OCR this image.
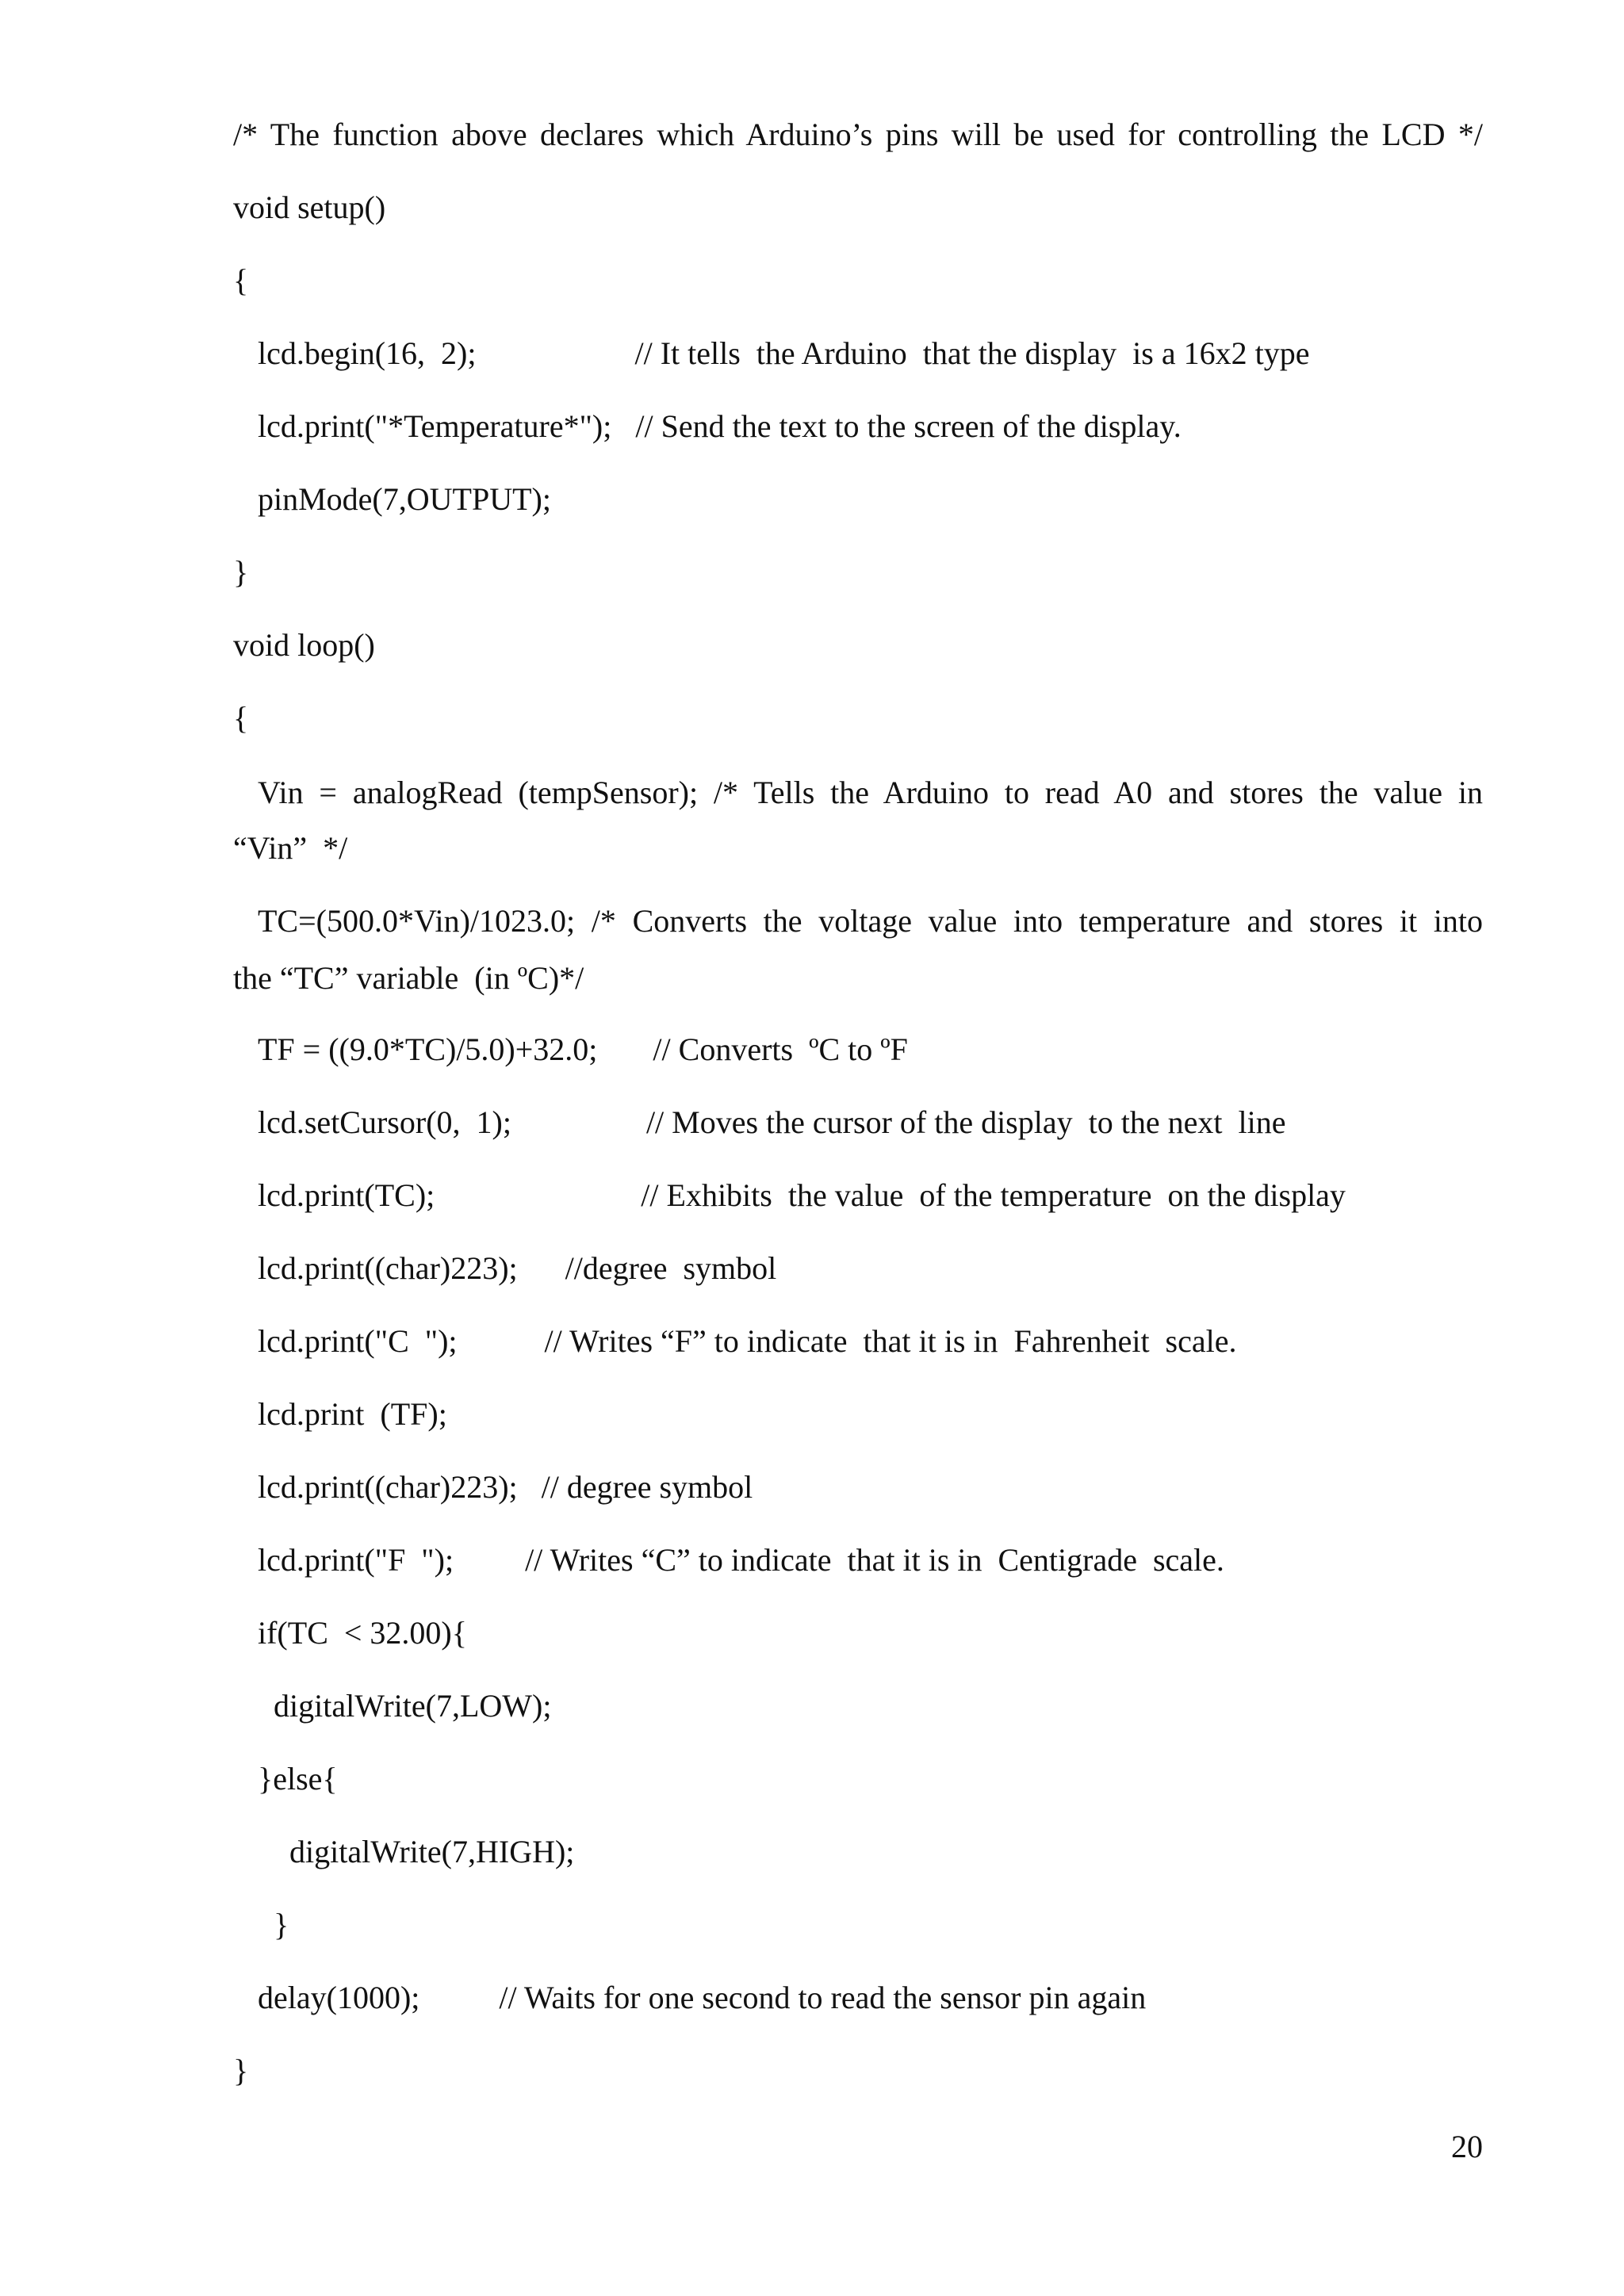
/* The function above declares which Arduino’s pins will be used for controlling the LCD */
void setup()
{
lcd.begin(16,  2);                    // It tells  the Arduino  that the display  is a 16x2 type
lcd.print("*Temperature*");   // Send the text to the screen of the display.
pinMode(7,OUTPUT);
}
void loop()
{
Vin = analogRead (tempSensor); /* Tells the Arduino to read A0 and stores the value in
“Vin”  */
TC=(500.0*Vin)/1023.0; /* Converts the voltage value into temperature and stores it into
the “TC” variable  (in ºC)*/
TF = ((9.0*TC)/5.0)+32.0;       // Converts  ºC to ºF
lcd.setCursor(0,  1);                 // Moves the cursor of the display  to the next  line
lcd.print(TC);                          // Exhibits  the value  of the temperature  on the display
lcd.print((char)223);      //degree  symbol
lcd.print("C  ");           // Writes “F” to indicate  that it is in  Fahrenheit  scale.
lcd.print  (TF);
lcd.print((char)223);   // degree symbol
lcd.print("F  ");         // Writes “C” to indicate  that it is in  Centigrade  scale.
if(TC  < 32.00){
digitalWrite(7,LOW);
}else{
digitalWrite(7,HIGH);
}
delay(1000);          // Waits for one second to read the sensor pin again
}
20
